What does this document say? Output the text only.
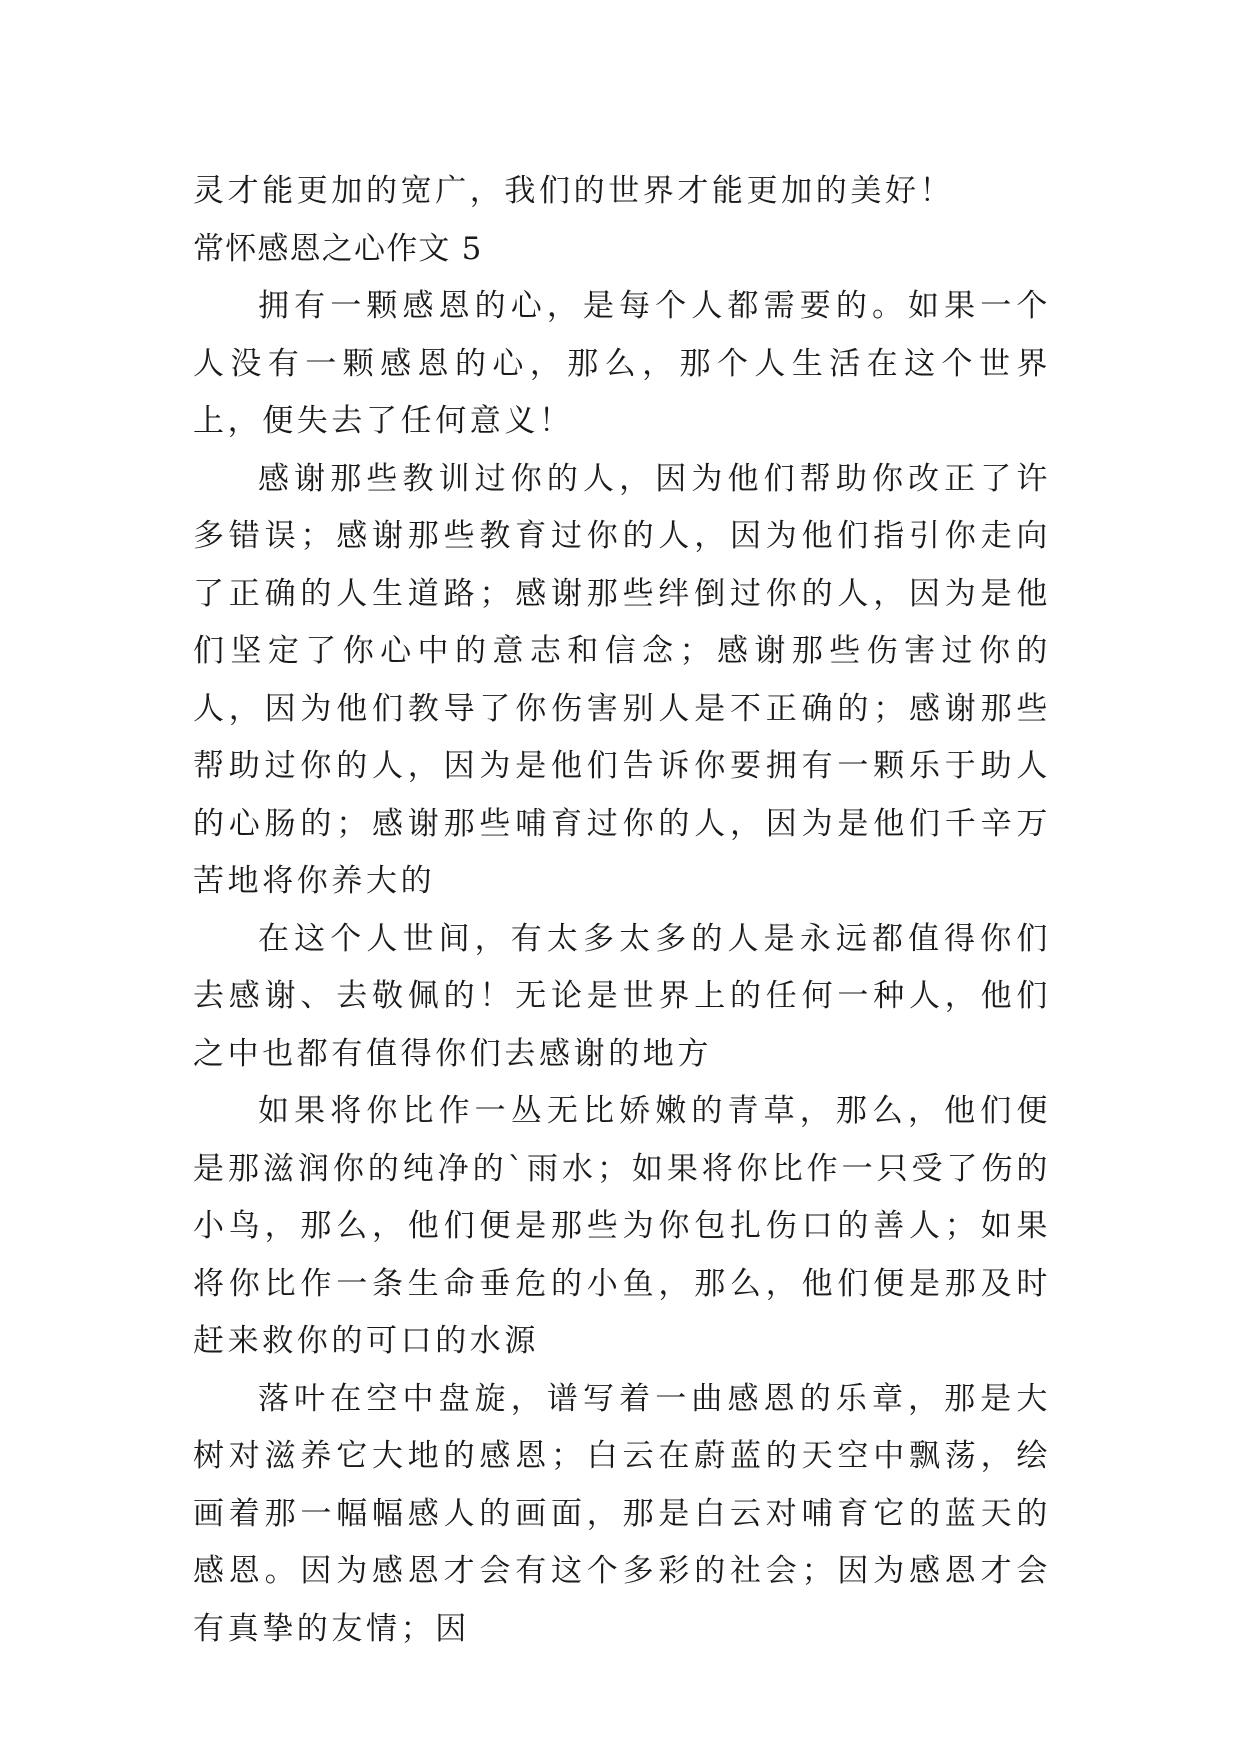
灵才能更加的宽广，我们的世界才能更加的美好！

常怀感恩之心作文 5

拥有一颗感恩的心，是每个人都需要的。如果一个人没有一颗感恩的心，那么，那个人生活在这个世界上，便失去了任何意义！

感谢那些教训过你的人，因为他们帮助你改正了许多错误；感谢那些教育过你的人，因为他们指引你走向了正确的人生道路；感谢那些绊倒过你的人，因为是他们坚定了你心中的意志和信念；感谢那些伤害过你的人，因为他们教导了你伤害别人是不正确的；感谢那些帮助过你的人，因为是他们告诉你要拥有一颗乐于助人的心肠的；感谢那些哺育过你的人，因为是他们千辛万苦地将你养大的

在这个人世间，有太多太多的人是永远都值得你们去感谢、去敬佩的！无论是世界上的任何一种人，他们之中也都有值得你们去感谢的地方

如果将你比作一丛无比娇嫩的青草，那么，他们便是那滋润你的纯净的`雨水；如果将你比作一只受了伤的小鸟，那么，他们便是那些为你包扎伤口的善人；如果将你比作一条生命垂危的小鱼，那么，他们便是那及时赶来救你的可口的水源

落叶在空中盘旋，谱写着一曲感恩的乐章，那是大树对滋养它大地的感恩；白云在蔚蓝的天空中飘荡，绘画着那一幅幅感人的画面，那是白云对哺育它的蓝天的感恩。因为感恩才会有这个多彩的社会；因为感恩才会有真挚的友情；因
